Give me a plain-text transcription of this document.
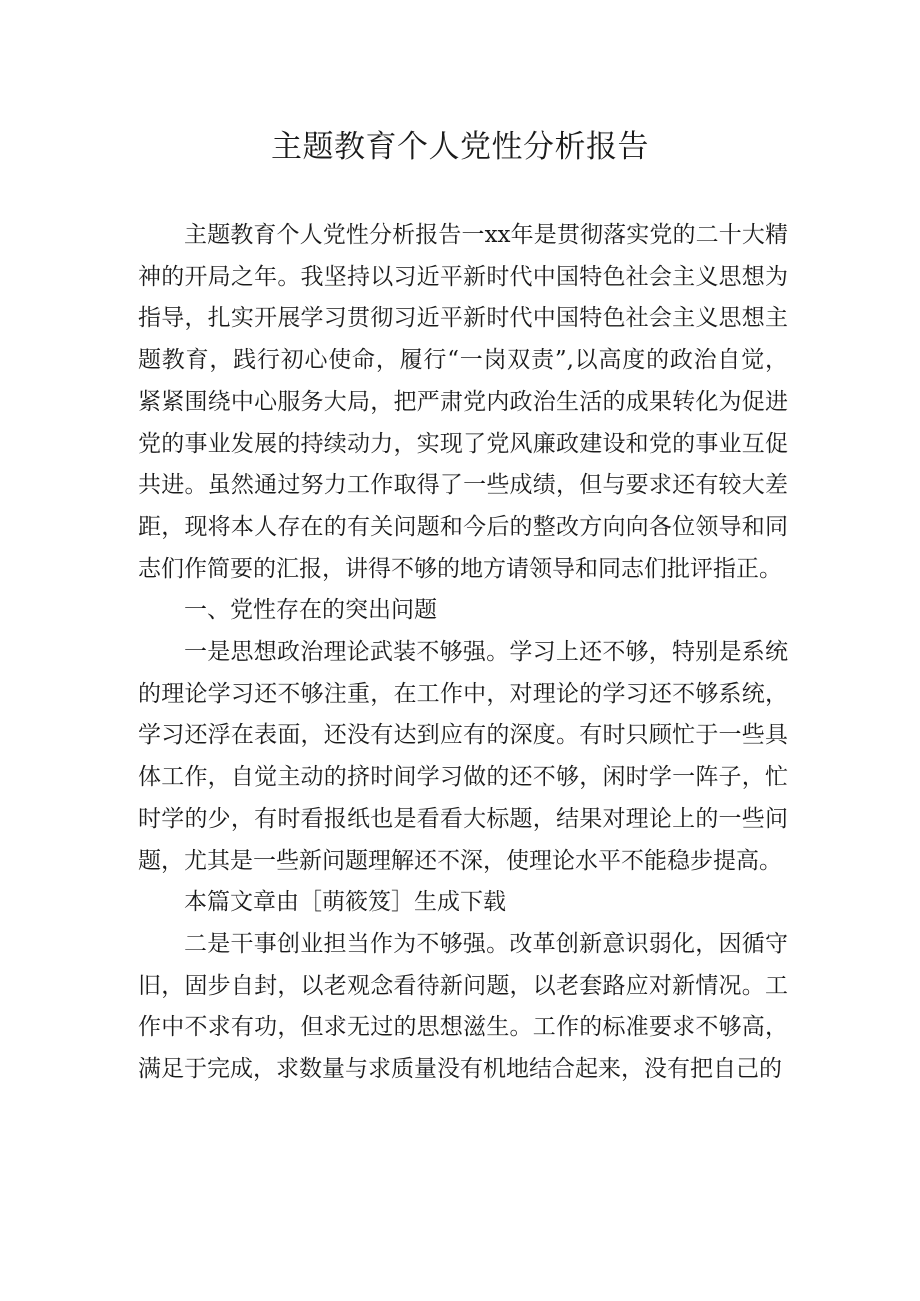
主题教育个人党性分析报告

主题教育个人党性分析报告一xx年是贯彻落实党的二十大精神的开局之年。我坚持以习近平新时代中国特色社会主义思想为指导，扎实开展学习贯彻习近平新时代中国特色社会主义思想主题教育，践行初心使命，履行“一岗双责”,以高度的政治自觉，紧紧围绕中心服务大局，把严肃党内政治生活的成果转化为促进党的事业发展的持续动力，实现了党风廉政建设和党的事业互促共进。虽然通过努力工作取得了一些成绩，但与要求还有较大差距，现将本人存在的有关问题和今后的整改方向向各位领导和同志们作简要的汇报，讲得不够的地方请领导和同志们批评指正。

一、党性存在的突出问题

一是思想政治理论武装不够强。学习上还不够，特别是系统的理论学习还不够注重，在工作中，对理论的学习还不够系统，学习还浮在表面，还没有达到应有的深度。有时只顾忙于一些具体工作，自觉主动的挤时间学习做的还不够，闲时学一阵子，忙时学的少，有时看报纸也是看看大标题，结果对理论上的一些问题，尤其是一些新问题理解还不深，使理论水平不能稳步提高。

本篇文章由［萌筱笈］生成下载

二是干事创业担当作为不够强。改革创新意识弱化，因循守旧，固步自封，以老观念看待新问题，以老套路应对新情况。工作中不求有功，但求无过的思想滋生。工作的标准要求不够高，满足于完成，求数量与求质量没有机地结合起来，没有把自己的
